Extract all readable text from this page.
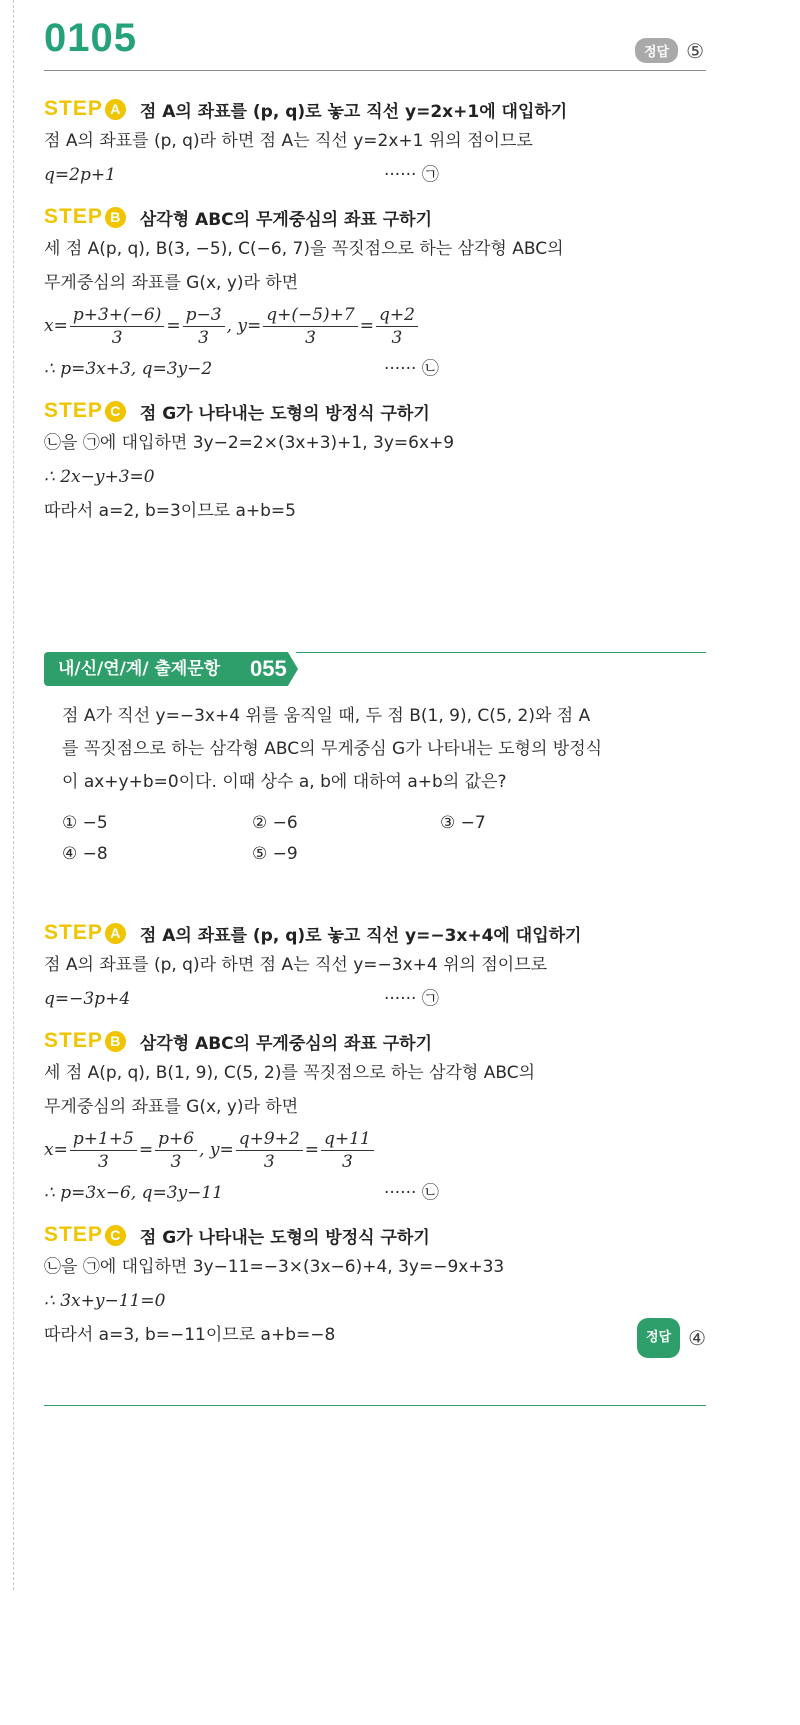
0105	정답 ⑤
STEP A	점 A의 좌표를 (p, q)로 놓고 직선 y=2x+1에 대입하기
점 A의 좌표를 (p, q)라 하면 점 A는 직선 y=2x+1 위의 점이므로
q=2p+1	······ ㉠
STEP B	삼각형 ABC의 무게중심의 좌표 구하기
세 점 A(p, q), B(3, −5), C(−6, 7)을 꼭짓점으로 하는 삼각형 ABC의
무게중심의 좌표를 G(x, y)라 하면
$x= \frac{p+3+(-6)}{3} = \frac{p-3}{3}$ , $y= \frac{q+(-5)+7}{3} = \frac{q+2}{3}$
∴ p=3x+3, q=3y−2	······ ㉡
STEP C	점 G가 나타내는 도형의 방정식 구하기
㉡을 ㉠에 대입하면 3y−2=2×(3x+3)+1, 3y=6x+9
∴ 2x−y+3=0
따라서 a=2, b=3이므로 a+b=5
내/신/연/계/ 출제문항 055
점 A가 직선 y=−3x+4 위를 움직일 때, 두 점 B(1, 9), C(5, 2)와 점 A
를 꼭짓점으로 하는 삼각형 ABC의 무게중심 G가 나타내는 도형의 방정식
이 ax+y+b=0이다. 이때 상수 a, b에 대하여 a+b의 값은?
① −5	② −6	③ −7
④ −8	⑤ −9
STEP A	점 A의 좌표를 (p, q)로 놓고 직선 y=−3x+4에 대입하기
점 A의 좌표를 (p, q)라 하면 점 A는 직선 y=−3x+4 위의 점이므로
q=−3p+4	······ ㉠
STEP B	삼각형 ABC의 무게중심의 좌표 구하기
세 점 A(p, q), B(1, 9), C(5, 2)를 꼭짓점으로 하는 삼각형 ABC의
무게중심의 좌표를 G(x, y)라 하면
$x= \frac{p+1+5}{3} = \frac{p+6}{3}$ , $y= \frac{q+9+2}{3} = \frac{q+11}{3}$
∴ p=3x−6, q=3y−11	······ ㉡
STEP C	점 G가 나타내는 도형의 방정식 구하기
㉡을 ㉠에 대입하면 3y−11=−3×(3x−6)+4, 3y=−9x+33
∴ 3x+y−11=0
따라서 a=3, b=−11이므로 a+b=−8	정답 ④
